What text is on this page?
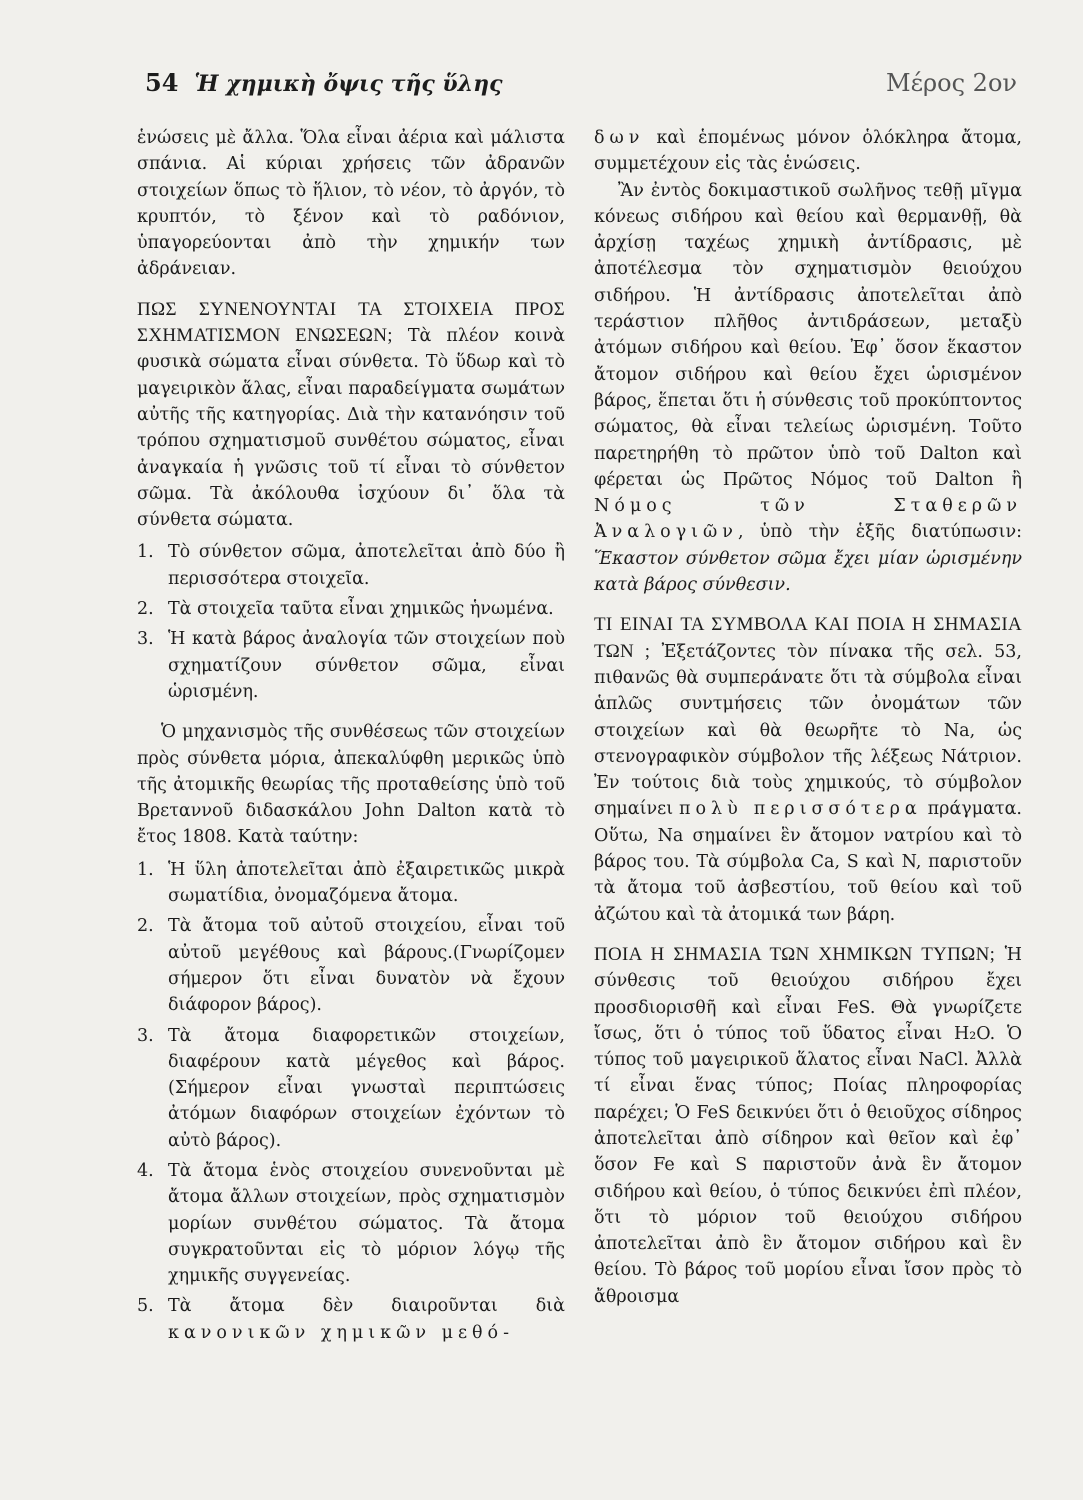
54 Ἡ χημικὴ ὄψις τῆς ὕλης	Μέρος 2ον

ἑνώσεις μὲ ἄλλα. Ὅλα εἶναι ἀέρια καὶ μάλιστα σπάνια. Αἱ κύριαι χρήσεις τῶν ἀδρανῶν στοιχείων ὅπως τὸ ἥλιον, τὸ νέον, τὸ ἀργόν, τὸ κρυπτόν, τὸ ξένον καὶ τὸ ραδόνιον, ὑπαγορεύονται ἀπὸ τὴν χημικήν των ἀδράνειαν.

ΠΩΣ ΣΥΝΕΝΟΥΝΤΑΙ ΤΑ ΣΤΟΙΧΕΙΑ ΠΡΟΣ ΣΧΗΜΑΤΙΣΜΟΝ ΕΝΩΣΕΩΝ; Τὰ πλέον κοινὰ φυσικὰ σώματα εἶναι σύνθετα. Τὸ ὕδωρ καὶ τὸ μαγειρικὸν ἅλας, εἶναι παραδείγματα σωμάτων αὐτῆς τῆς κατηγορίας. Διὰ τὴν κατανόησιν τοῦ τρόπου σχηματισμοῦ συνθέτου σώματος, εἶναι ἀναγκαία ἡ γνῶσις τοῦ τί εἶναι τὸ σύνθετον σῶμα. Τὰ ἀκόλουθα ἰσχύουν δι᾽ ὅλα τὰ σύνθετα σώματα.

1. Τὸ σύνθετον σῶμα, ἀποτελεῖται ἀπὸ δύο ἢ περισσότερα στοιχεῖα.
2. Τὰ στοιχεῖα ταῦτα εἶναι χημικῶς ἡνωμένα.
3. Ἡ κατὰ βάρος ἀναλογία τῶν στοιχείων ποὺ σχηματίζουν σύνθετον σῶμα, εἶναι ὡρισμένη.

Ὁ μηχανισμὸς τῆς συνθέσεως τῶν στοιχείων πρὸς σύνθετα μόρια, ἀπεκαλύφθη μερικῶς ὑπὸ τῆς ἀτομικῆς θεωρίας τῆς προταθείσης ὑπὸ τοῦ Βρεταννοῦ διδασκάλου John Dalton κατὰ τὸ ἔτος 1808. Κατὰ ταύτην:

1. Ἡ ὕλη ἀποτελεῖται ἀπὸ ἐξαιρετικῶς μικρὰ σωματίδια, ὀνομαζόμενα ἄτομα.
2. Τὰ ἄτομα τοῦ αὐτοῦ στοιχείου, εἶναι τοῦ αὐτοῦ μεγέθους καὶ βάρους.(Γνωρίζομεν σήμερον ὅτι εἶναι δυνατὸν νὰ ἔχουν διάφορον βάρος).
3. Τὰ ἄτομα διαφορετικῶν στοιχείων, διαφέρουν κατὰ μέγεθος καὶ βάρος. (Σήμερον εἶναι γνωσταὶ περιπτώσεις ἀτόμων διαφόρων στοιχείων ἐχόντων τὸ αὐτὸ βάρος).
4. Τὰ ἄτομα ἑνὸς στοιχείου συνενοῦνται μὲ ἄτομα ἄλλων στοιχείων, πρὸς σχηματισμὸν μορίων συνθέτου σώματος. Τὰ ἄτομα συγκρατοῦνται εἰς τὸ μόριον λόγῳ τῆς χημικῆς συγγενείας.
5. Τὰ ἄτομα δὲν διαιροῦνται διὰ κανονικῶν χημικῶν μεθό-

δων καὶ ἑπομένως μόνον ὁλόκληρα ἄτομα, συμμετέχουν εἰς τὰς ἑνώσεις.

Ἂν ἐντὸς δοκιμαστικοῦ σωλῆνος τεθῇ μῖγμα κόνεως σιδήρου καὶ θείου καὶ θερμανθῇ, θὰ ἀρχίσῃ ταχέως χημικὴ ἀντίδρασις, μὲ ἀποτέλεσμα τὸν σχηματισμὸν θειούχου σιδήρου. Ἡ ἀντίδρασις ἀποτελεῖται ἀπὸ τεράστιον πλῆθος ἀντιδράσεων, μεταξὺ ἀτόμων σιδήρου καὶ θείου. Ἐφ᾽ ὅσον ἕκαστον ἄτομον σιδήρου καὶ θείου ἔχει ὡρισμένον βάρος, ἕπεται ὅτι ἡ σύνθεσις τοῦ προκύπτοντος σώματος, θὰ εἶναι τελείως ὡρισμένη. Τοῦτο παρετηρήθη τὸ πρῶτον ὑπὸ τοῦ Dalton καὶ φέρεται ὡς Πρῶτος Νόμος τοῦ Dalton ἢ Νόμος τῶν Σταθερῶν Ἀναλογιῶν, ὑπὸ τὴν ἑξῆς διατύπωσιν: Ἕκαστον σύνθετον σῶμα ἔχει μίαν ὡρισμένην κατὰ βάρος σύνθεσιν.

ΤΙ ΕΙΝΑΙ ΤΑ ΣΥΜΒΟΛΑ ΚΑΙ ΠΟΙΑ Η ΣΗΜΑΣΙΑ ΤΩΝ ; Ἐξετάζοντες τὸν πίνακα τῆς σελ. 53, πιθανῶς θὰ συμπεράνατε ὅτι τὰ σύμβολα εἶναι ἁπλῶς συντμήσεις τῶν ὀνομάτων τῶν στοιχείων καὶ θὰ θεωρῆτε τὸ Na, ὡς στενογραφικὸν σύμβολον τῆς λέξεως Νάτριον. Ἐν τούτοις διὰ τοὺς χημικούς, τὸ σύμβολον σημαίνει πολὺ περισσότερα πράγματα. Οὕτω, Na σημαίνει ἓν ἄτομον νατρίου καὶ τὸ βάρος του. Τὰ σύμβολα Ca, S καὶ N, παριστοῦν τὰ ἄτομα τοῦ ἀσβεστίου, τοῦ θείου καὶ τοῦ ἀζώτου καὶ τὰ ἀτομικά των βάρη.

ΠΟΙΑ Η ΣΗΜΑΣΙΑ ΤΩΝ ΧΗΜΙΚΩΝ ΤΥΠΩΝ; Ἡ σύνθεσις τοῦ θειούχου σιδήρου ἔχει προσδιορισθῆ καὶ εἶναι FeS. Θὰ γνωρίζετε ἴσως, ὅτι ὁ τύπος τοῦ ὕδατος εἶναι H₂O. Ὁ τύπος τοῦ μαγειρικοῦ ἅλατος εἶναι NaCl. Ἀλλὰ τί εἶναι ἕνας τύπος; Ποίας πληροφορίας παρέχει; Ὁ FeS δεικνύει ὅτι ὁ θειοῦχος σίδηρος ἀποτελεῖται ἀπὸ σίδηρον καὶ θεῖον καὶ ἐφ᾽ ὅσον Fe καὶ S παριστοῦν ἀνὰ ἓν ἄτομον σιδήρου καὶ θείου, ὁ τύπος δεικνύει ἐπὶ πλέον, ὅτι τὸ μόριον τοῦ θειούχου σιδήρου ἀποτελεῖται ἀπὸ ἓν ἄτομον σιδήρου καὶ ἓν θείου. Τὸ βάρος τοῦ μορίου εἶναι ἴσον πρὸς τὸ ἄθροισμα
